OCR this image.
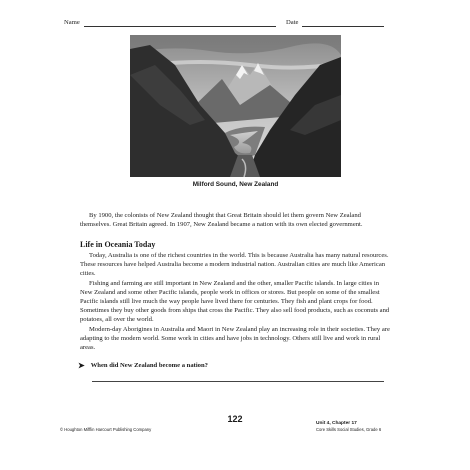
Name	Date
Milford Sound, New Zealand

By 1900, the colonists of New Zealand thought that Great Britain should let them govern New Zealand themselves. Great Britain agreed. In 1907, New Zealand became a nation with its own elected government.

Life in Oceania Today

Today, Australia is one of the richest countries in the world. This is because Australia has many natural resources. These resources have helped Australia become a modern industrial nation. Australian cities are much like American cities.

Fishing and farming are still important in New Zealand and the other, smaller Pacific islands. In large cities in New Zealand and some other Pacific islands, people work in offices or stores. But people on some of the smallest Pacific islands still live much the way people have lived there for centuries. They fish and plant crops for food. Sometimes they buy other goods from ships that cross the Pacific. They also sell food products, such as coconuts and potatoes, all over the world.

Modern-day Aborigines in Australia and Maori in New Zealand play an increasing role in their societies. They are adapting to the modern world. Some work in cities and have jobs in technology. Others still live and work in rural areas.

➤ When did New Zealand become a nation?
122
© Houghton Mifflin Harcourt Publishing Company
Unit 4, Chapter 17
Core Skills Social Studies, Grade 6
